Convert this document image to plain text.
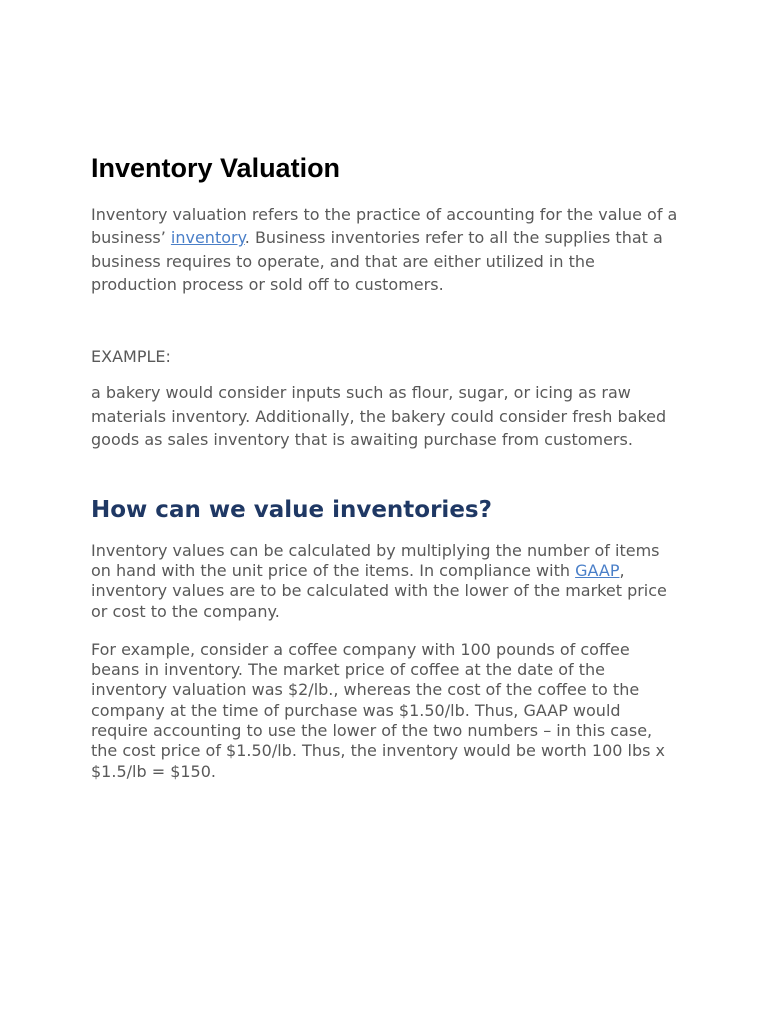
Inventory Valuation

Inventory valuation refers to the practice of accounting for the value of a business’ inventory. Business inventories refer to all the supplies that a business requires to operate, and that are either utilized in the production process or sold off to customers.

EXAMPLE:

a bakery would consider inputs such as flour, sugar, or icing as raw materials inventory. Additionally, the bakery could consider fresh baked goods as sales inventory that is awaiting purchase from customers.

How can we value inventories?

Inventory values can be calculated by multiplying the number of items on hand with the unit price of the items. In compliance with GAAP, inventory values are to be calculated with the lower of the market price or cost to the company.

For example, consider a coffee company with 100 pounds of coffee beans in inventory. The market price of coffee at the date of the inventory valuation was $2/lb., whereas the cost of the coffee to the company at the time of purchase was $1.50/lb. Thus, GAAP would require accounting to use the lower of the two numbers – in this case, the cost price of $1.50/lb. Thus, the inventory would be worth 100 lbs x $1.5/lb = $150.
